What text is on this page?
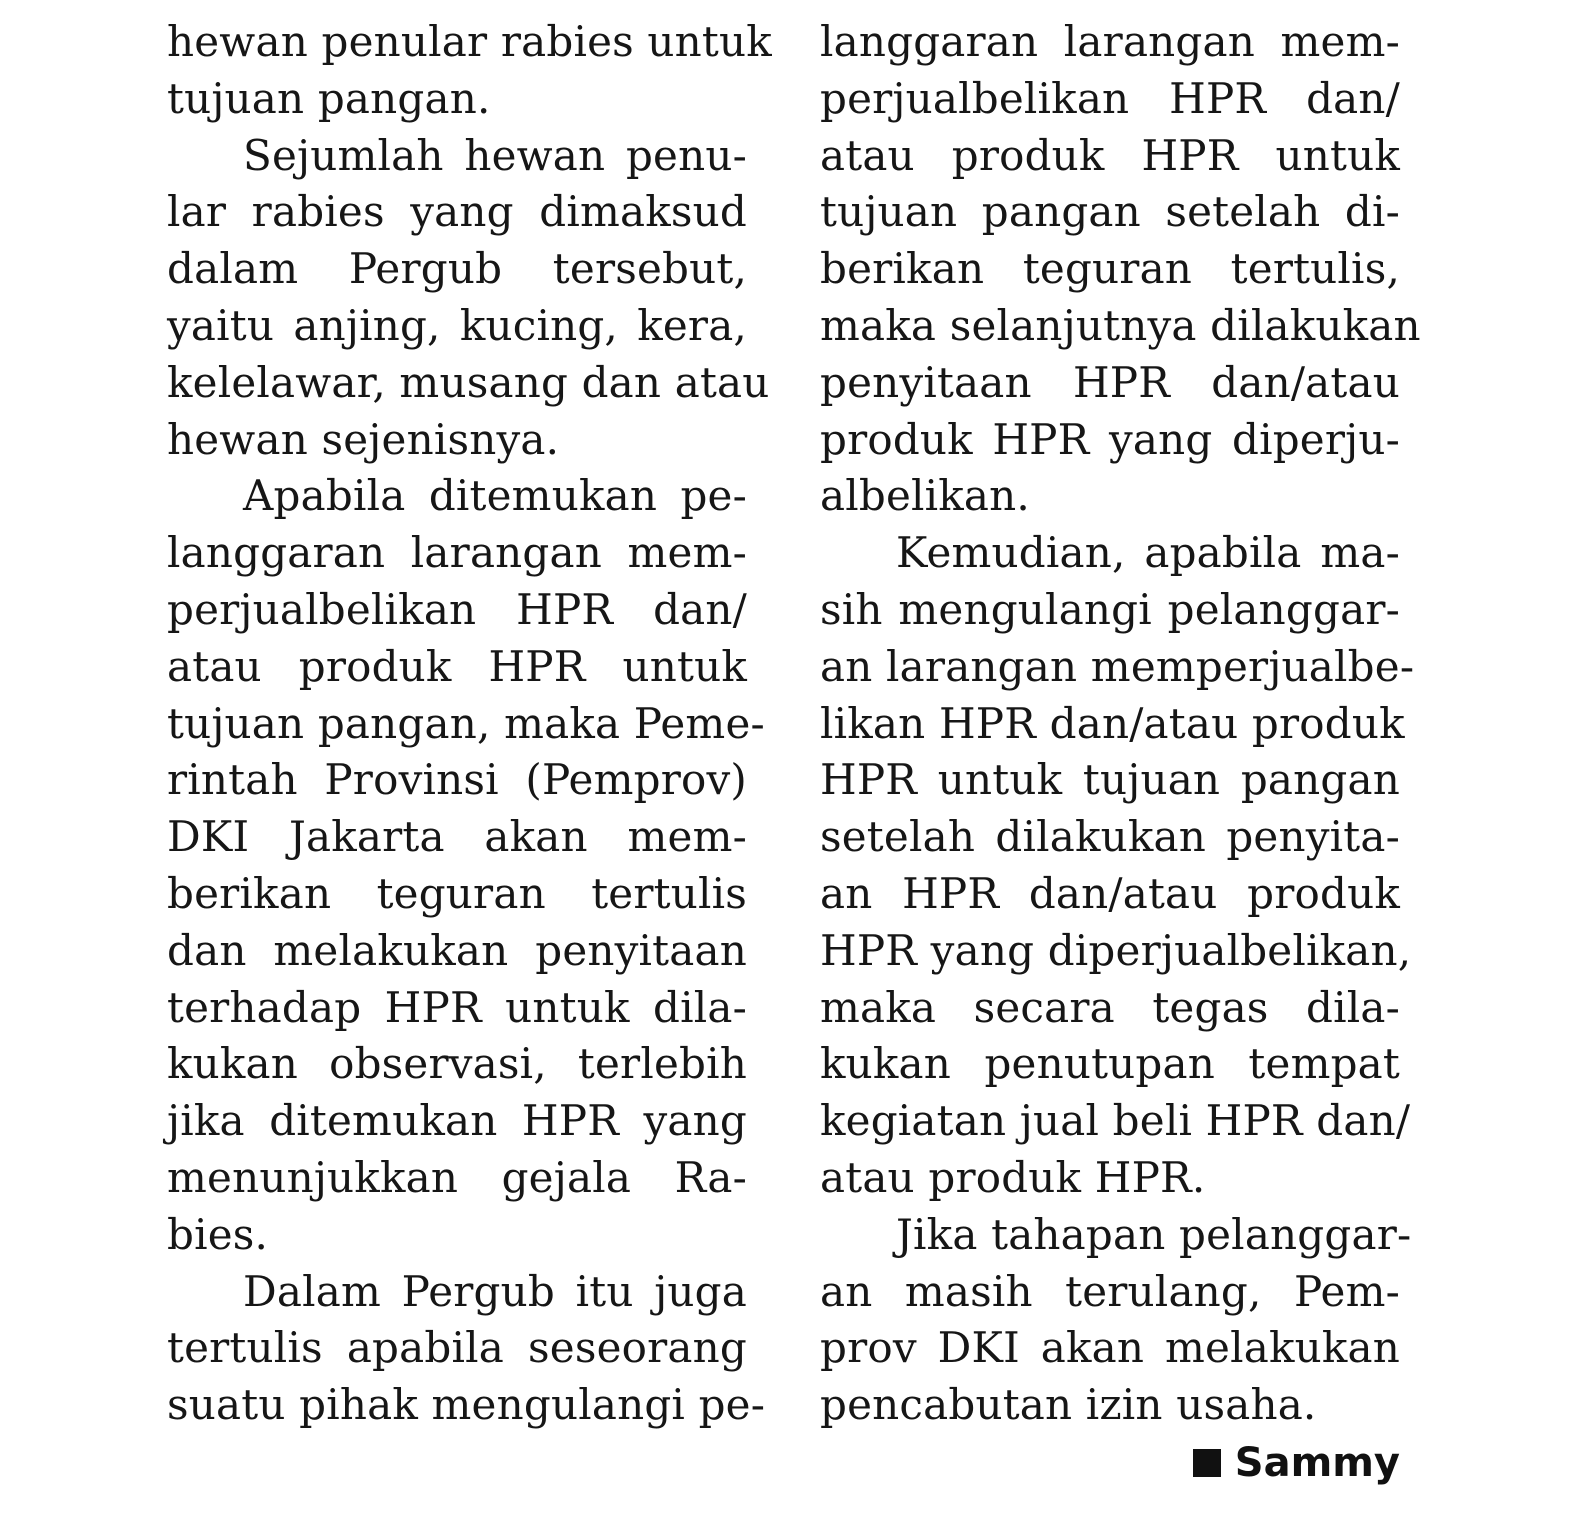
hewan penular rabies untuk
tujuan pangan.
Sejumlah hewan penu-
lar rabies yang dimaksud
dalam Pergub tersebut,
yaitu anjing, kucing, kera,
kelelawar, musang dan atau
hewan sejenisnya.
Apabila ditemukan pe-
langgaran larangan mem-
perjualbelikan HPR dan/
atau produk HPR untuk
tujuan pangan, maka Peme-
rintah Provinsi (Pemprov)
DKI Jakarta akan mem-
berikan teguran tertulis
dan melakukan penyitaan
terhadap HPR untuk dila-
kukan observasi, terlebih
jika ditemukan HPR yang
menunjukkan gejala Ra-
bies.
Dalam Pergub itu juga
tertulis apabila seseorang
suatu pihak mengulangi pe-
langgaran larangan mem-
perjualbelikan HPR dan/
atau produk HPR untuk
tujuan pangan setelah di-
berikan teguran tertulis,
maka selanjutnya dilakukan
penyitaan HPR dan/atau
produk HPR yang diperju-
albelikan.
Kemudian, apabila ma-
sih mengulangi pelanggar-
an larangan memperjualbe-
likan HPR dan/atau produk
HPR untuk tujuan pangan
setelah dilakukan penyita-
an HPR dan/atau produk
HPR yang diperjualbelikan,
maka secara tegas dila-
kukan penutupan tempat
kegiatan jual beli HPR dan/
atau produk HPR.
Jika tahapan pelanggar-
an masih terulang, Pem-
prov DKI akan melakukan
pencabutan izin usaha.
Sammy
